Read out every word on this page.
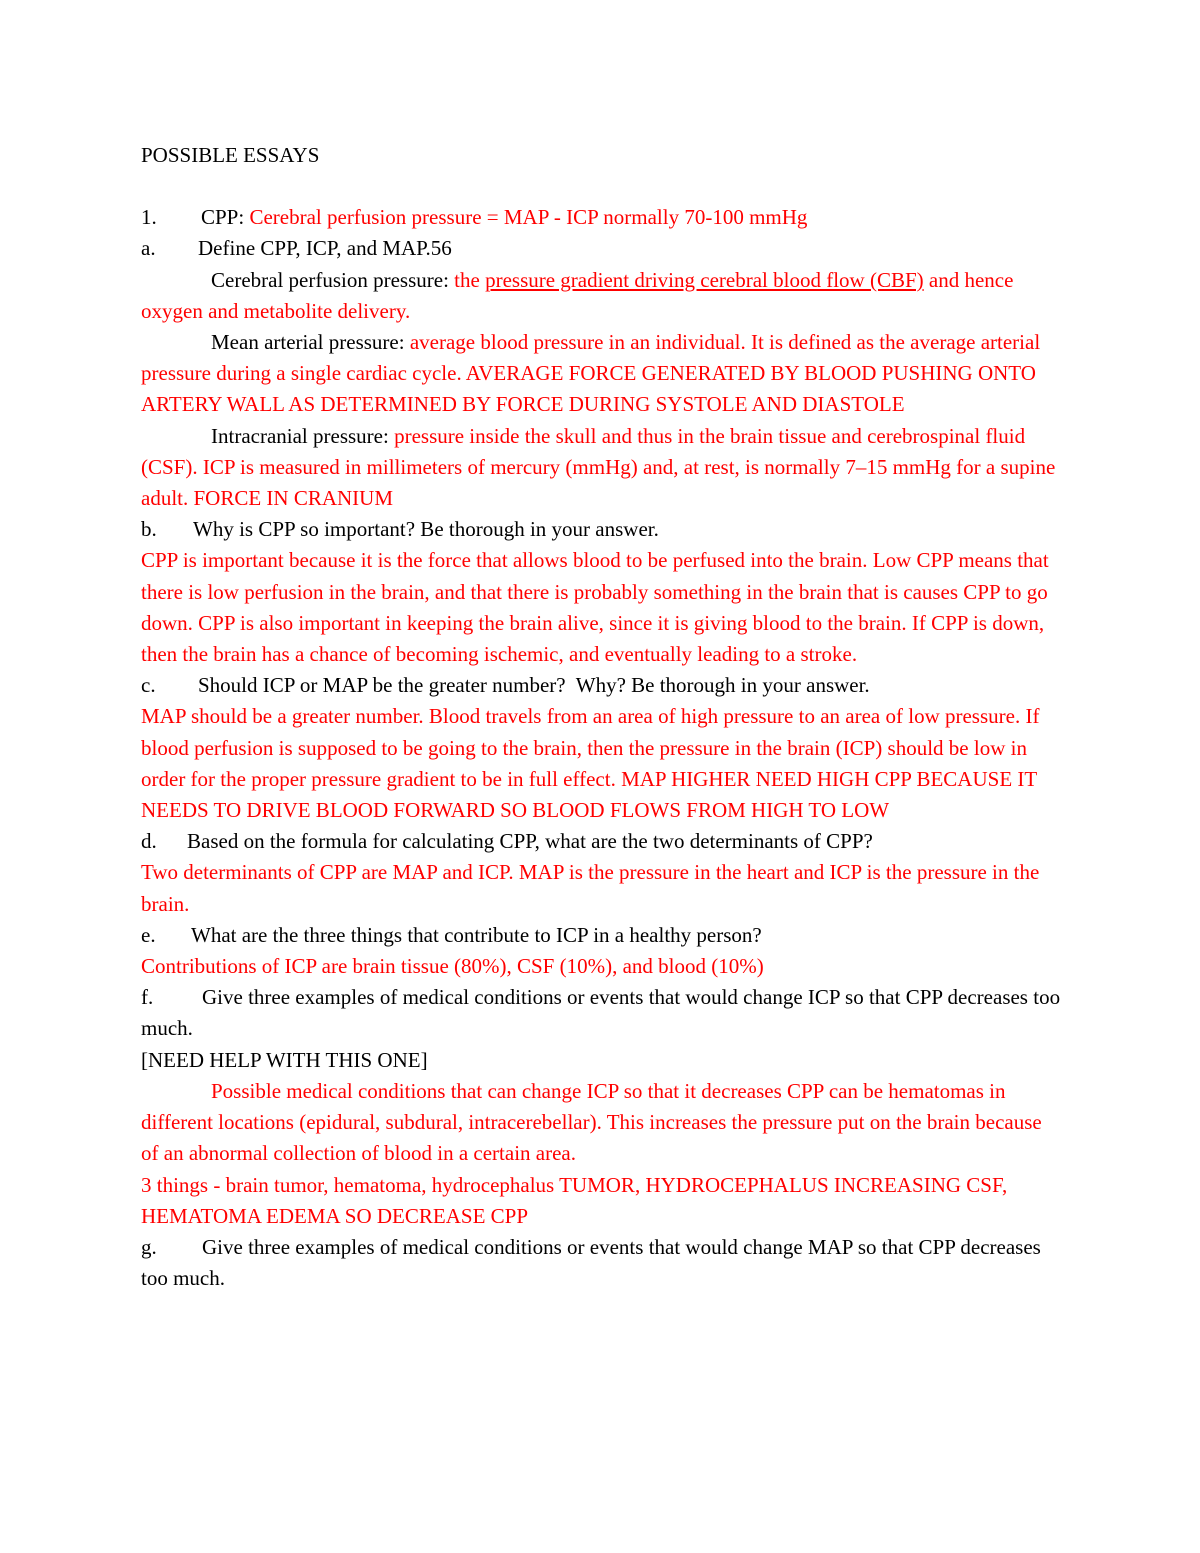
POSSIBLE ESSAYS

1. CPP: Cerebral perfusion pressure = MAP - ICP normally 70-100 mmHg

a. Define CPP, ICP, and MAP.56

Cerebral perfusion pressure: the pressure gradient driving cerebral blood flow (CBF) and hence oxygen and metabolite delivery.

Mean arterial pressure: average blood pressure in an individual. It is defined as the average arterial pressure during a single cardiac cycle. AVERAGE FORCE GENERATED BY BLOOD PUSHING ONTO ARTERY WALL AS DETERMINED BY FORCE DURING SYSTOLE AND DIASTOLE

Intracranial pressure: pressure inside the skull and thus in the brain tissue and cerebrospinal fluid (CSF). ICP is measured in millimeters of mercury (mmHg) and, at rest, is normally 7–15 mmHg for a supine adult. FORCE IN CRANIUM

b. Why is CPP so important? Be thorough in your answer.

CPP is important because it is the force that allows blood to be perfused into the brain. Low CPP means that there is low perfusion in the brain, and that there is probably something in the brain that is causes CPP to go down. CPP is also important in keeping the brain alive, since it is giving blood to the brain. If CPP is down, then the brain has a chance of becoming ischemic, and eventually leading to a stroke.

c. Should ICP or MAP be the greater number?  Why? Be thorough in your answer.

MAP should be a greater number. Blood travels from an area of high pressure to an area of low pressure. If blood perfusion is supposed to be going to the brain, then the pressure in the brain (ICP) should be low in order for the proper pressure gradient to be in full effect. MAP HIGHER NEED HIGH CPP BECAUSE IT NEEDS TO DRIVE BLOOD FORWARD SO BLOOD FLOWS FROM HIGH TO LOW

d. Based on the formula for calculating CPP, what are the two determinants of CPP?

Two determinants of CPP are MAP and ICP. MAP is the pressure in the heart and ICP is the pressure in the brain.

e. What are the three things that contribute to ICP in a healthy person?

Contributions of ICP are brain tissue (80%), CSF (10%), and blood (10%)

f. Give three examples of medical conditions or events that would change ICP so that CPP decreases too much.

[NEED HELP WITH THIS ONE]

Possible medical conditions that can change ICP so that it decreases CPP can be hematomas in different locations (epidural, subdural, intracerebellar). This increases the pressure put on the brain because of an abnormal collection of blood in a certain area.

3 things - brain tumor, hematoma, hydrocephalus TUMOR, HYDROCEPHALUS INCREASING CSF, HEMATOMA EDEMA SO DECREASE CPP

g. Give three examples of medical conditions or events that would change MAP so that CPP decreases too much.
